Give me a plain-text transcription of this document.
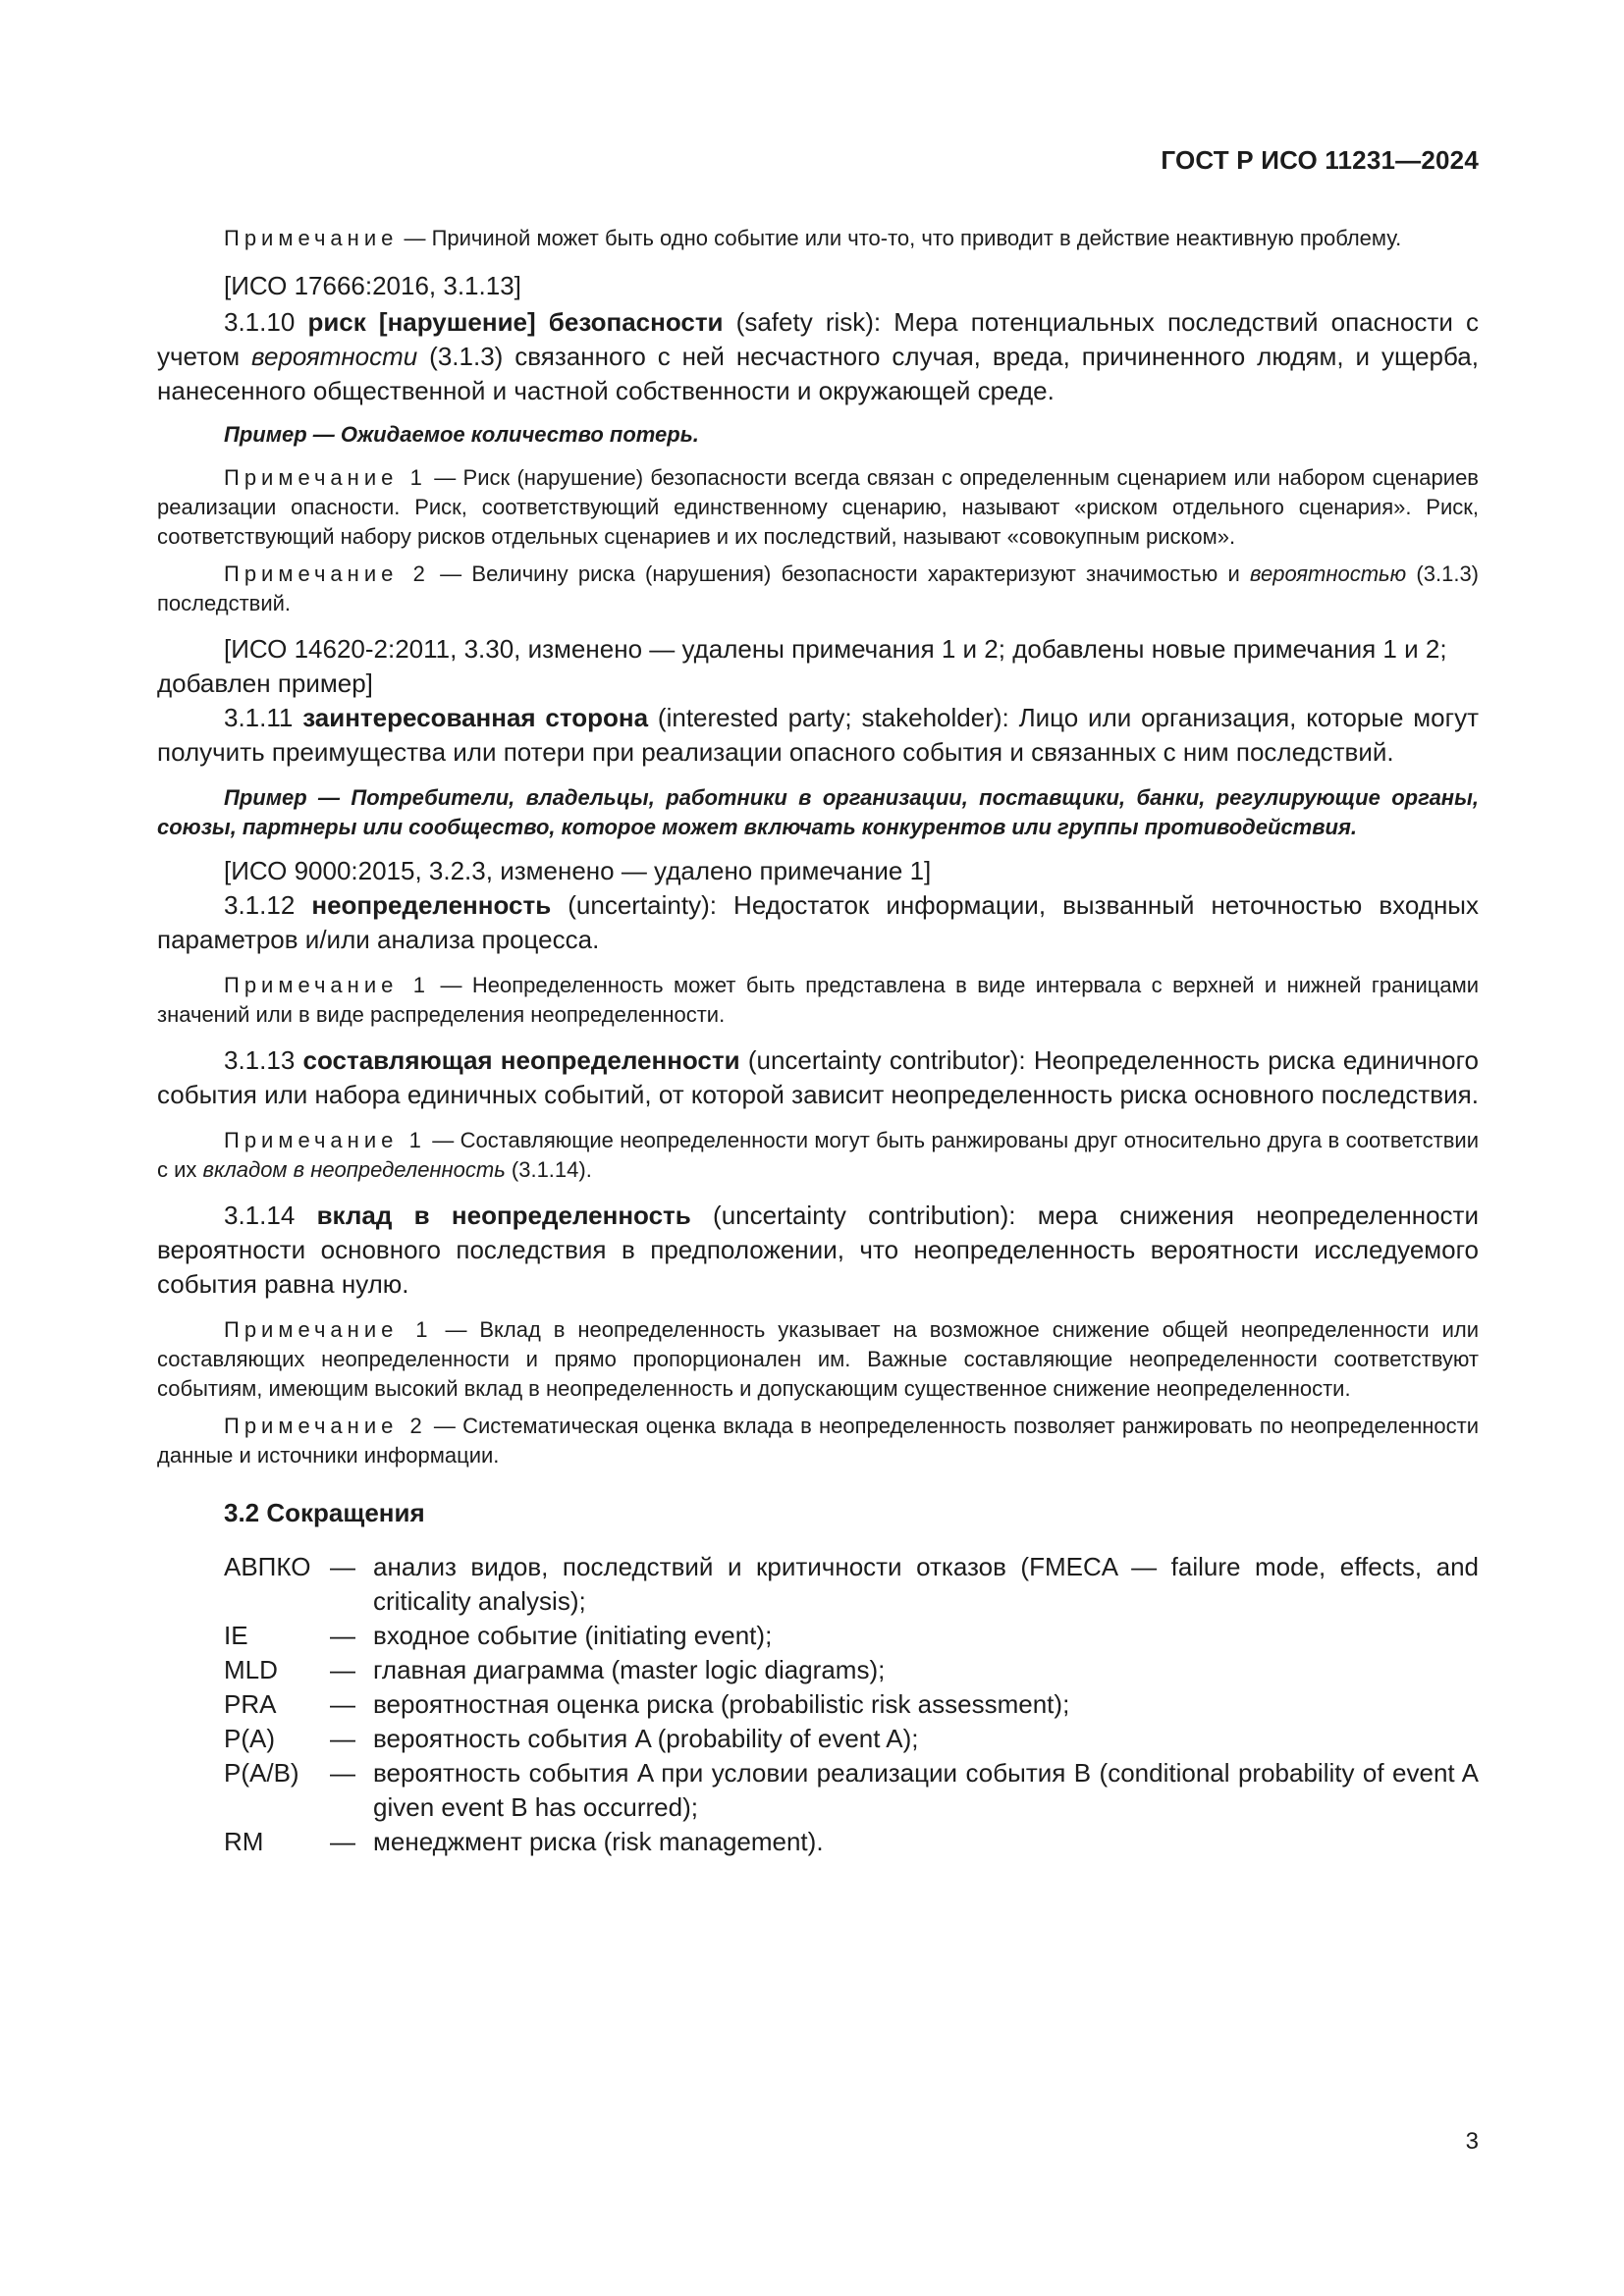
ГОСТ Р ИСО 11231—2024

Примечание — Причиной может быть одно событие или что-то, что приводит в действие неактивную проблему.

[ИСО 17666:2016, 3.1.13]

3.1.10 риск [нарушение] безопасности (safety risk): Мера потенциальных последствий опасности с учетом вероятности (3.1.3) связанного с ней несчастного случая, вреда, причиненного людям, и ущерба, нанесенного общественной и частной собственности и окружающей среде.

Пример — Ожидаемое количество потерь.

Примечание 1 — Риск (нарушение) безопасности всегда связан с определенным сценарием или набором сценариев реализации опасности. Риск, соответствующий единственному сценарию, называют «риском отдельного сценария». Риск, соответствующий набору рисков отдельных сценариев и их последствий, называют «совокупным риском».

Примечание 2 — Величину риска (нарушения) безопасности характеризуют значимостью и вероятностью (3.1.3) последствий.

[ИСО 14620-2:2011, 3.30, изменено — удалены примечания 1 и 2; добавлены новые примечания 1 и 2; добавлен пример]

3.1.11 заинтересованная сторона (interested party; stakeholder): Лицо или организация, которые могут получить преимущества или потери при реализации опасного события и связанных с ним последствий.

Пример — Потребители, владельцы, работники в организации, поставщики, банки, регулирующие органы, союзы, партнеры или сообщество, которое может включать конкурентов или группы противодействия.

[ИСО 9000:2015, 3.2.3, изменено — удалено примечание 1]

3.1.12 неопределенность (uncertainty): Недостаток информации, вызванный неточностью входных параметров и/или анализа процесса.

Примечание 1 — Неопределенность может быть представлена в виде интервала с верхней и нижней границами значений или в виде распределения неопределенности.

3.1.13 составляющая неопределенности (uncertainty contributor): Неопределенность риска единичного события или набора единичных событий, от которой зависит неопределенность риска основного последствия.

Примечание 1 — Составляющие неопределенности могут быть ранжированы друг относительно друга в соответствии с их вкладом в неопределенность (3.1.14).

3.1.14 вклад в неопределенность (uncertainty contribution): мера снижения неопределенности вероятности основного последствия в предположении, что неопределенность вероятности исследуемого события равна нулю.

Примечание 1 — Вклад в неопределенность указывает на возможное снижение общей неопределенности или составляющих неопределенности и прямо пропорционален им. Важные составляющие неопределенности соответствуют событиям, имеющим высокий вклад в неопределенность и допускающим существенное снижение неопределенности.

Примечание 2 — Систематическая оценка вклада в неопределенность позволяет ранжировать по неопределенности данные и источники информации.

3.2 Сокращения

АВПКО	—	анализ видов, последствий и критичности отказов (FMECA — failure mode, effects, and criticality analysis);
IE	—	входное событие (initiating event);
MLD	—	главная диаграмма (master logic diagrams);
PRA	—	вероятностная оценка риска (probabilistic risk assessment);
P(A)	—	вероятность события A (probability of event A);
P(A/B)	—	вероятность события A при условии реализации события B (conditional probability of event A given event B has occurred);
RM	—	менеджмент риска (risk management).
3
